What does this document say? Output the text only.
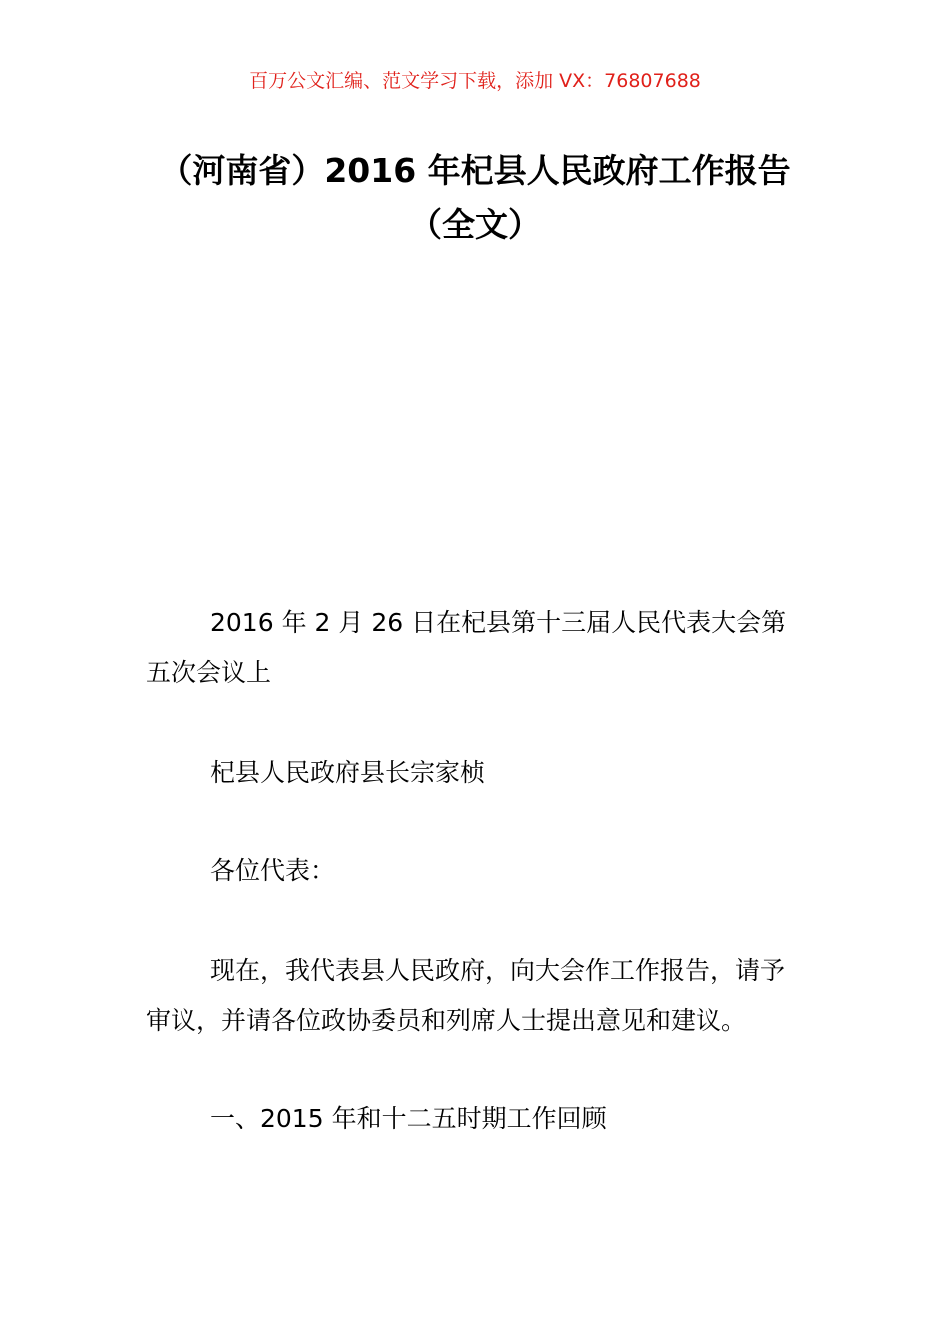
百万公文汇编、范文学习下载，添加 VX：76807688
（河南省）2016 年杞县人民政府工作报告
（全文）
2016 年 2 月 26 日在杞县第十三届人民代表大会第
五次会议上
杞县人民政府县长宗家桢
各位代表：
现在，我代表县人民政府，向大会作工作报告，请予
审议，并请各位政协委员和列席人士提出意见和建议。
一、2015 年和十二五时期工作回顾
